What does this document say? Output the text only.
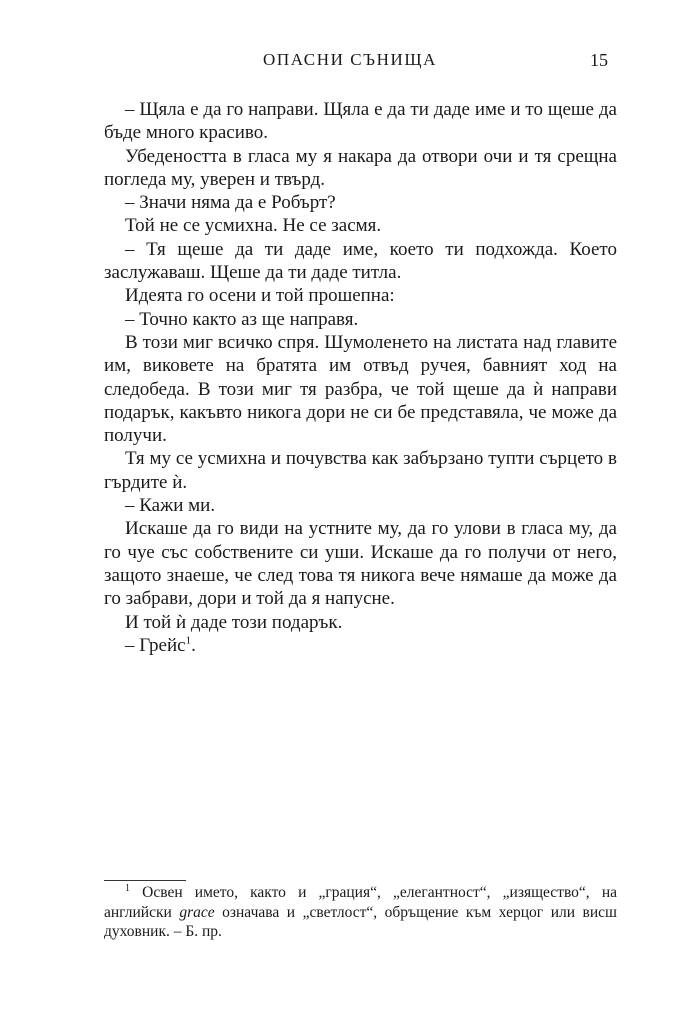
ОПАСНИ СЪНИЩА	15

– Щяла е да го направи. Щяла е да ти даде име и то щеше да бъде много красиво.

Убедеността в гласа му я накара да отвори очи и тя срещна погледа му, уверен и твърд.

– Значи няма да е Робърт?

Той не се усмихна. Не се засмя.

– Тя щеше да ти даде име, което ти подхожда. Което заслужаваш. Щеше да ти даде титла.

Идеята го осени и той прошепна:

– Точно както аз ще направя.

В този миг всичко спря. Шумоленето на листата над главите им, виковете на братята им отвъд ручея, бавният ход на следобеда. В този миг тя разбра, че той щеше да ѝ направи подарък, какъвто никога дори не си бе представяла, че може да получи.

Тя му се усмихна и почувства как забързано тупти сърцето в гърдите ѝ.

– Кажи ми.

Искаше да го види на устните му, да го улови в гласа му, да го чуе със собствените си уши. Искаше да го получи от него, защото знаеше, че след това тя никога вече нямаше да може да го забрави, дори и той да я напусне.

И той ѝ даде този подарък.

– Грейс$^1$.

$^1$ Освен името, както и „грация“, „елегантност“, „изящество“, на английски grace означава и „светлост“, обръщение към херцог или висш духовник. – Б. пр.
